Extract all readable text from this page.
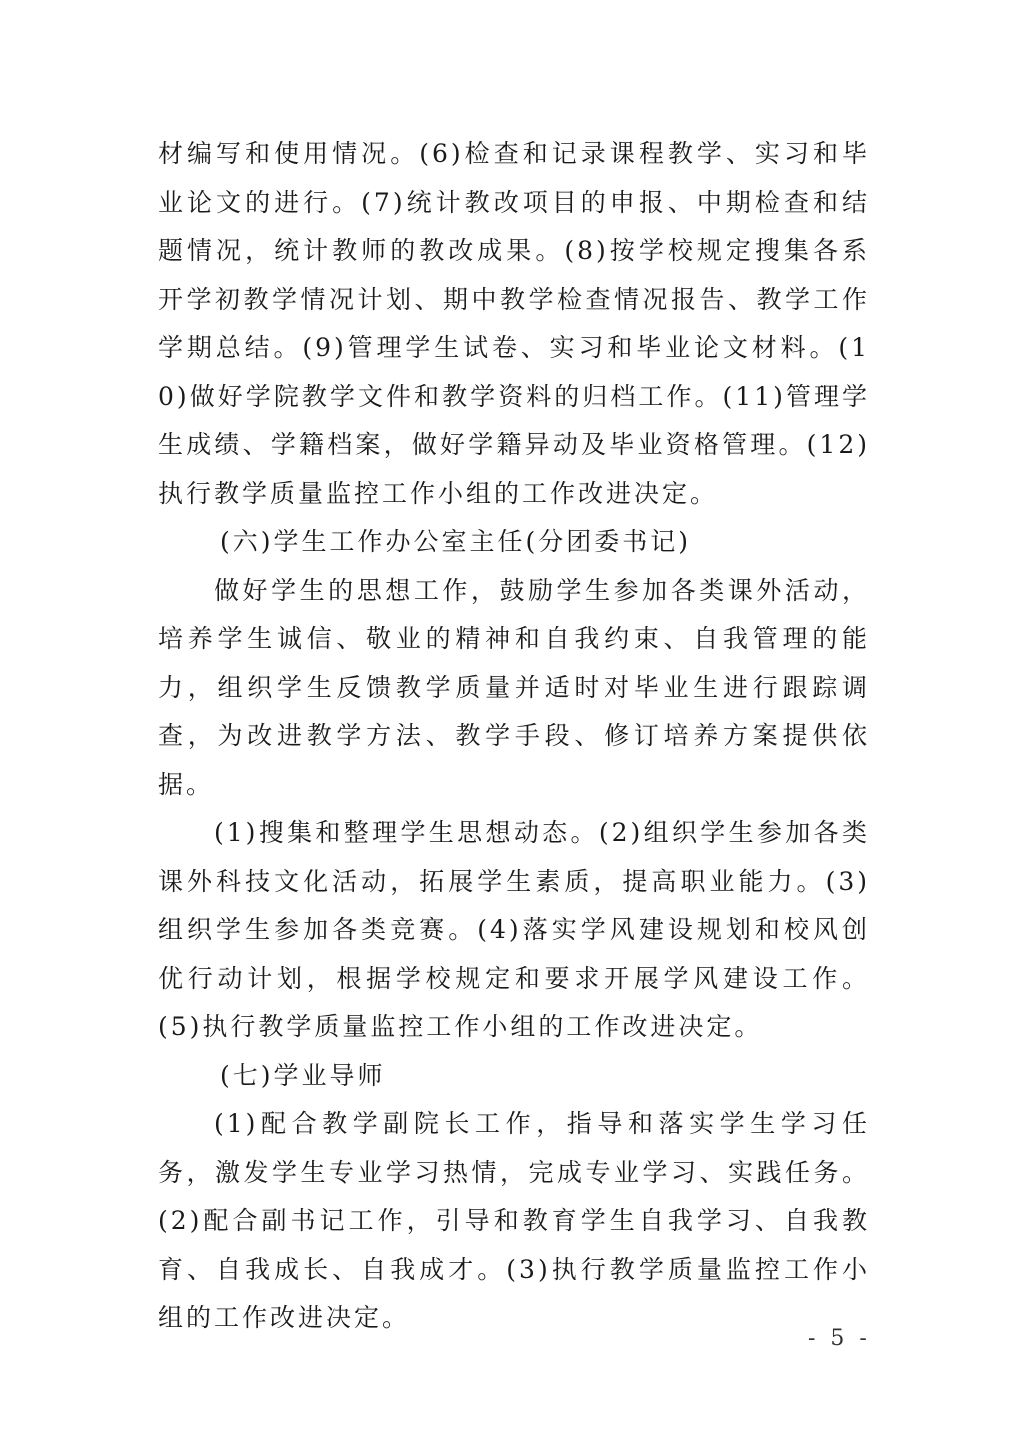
材编写和使用情况。(6)检查和记录课程教学、实习和毕业论文的进行。(7)统计教改项目的申报、中期检查和结题情况，统计教师的教改成果。(8)按学校规定搜集各系开学初教学情况计划、期中教学检查情况报告、教学工作学期总结。(9)管理学生试卷、实习和毕业论文材料。(10)做好学院教学文件和教学资料的归档工作。(11)管理学生成绩、学籍档案，做好学籍异动及毕业资格管理。(12)执行教学质量监控工作小组的工作改进决定。

(六)学生工作办公室主任(分团委书记)

做好学生的思想工作，鼓励学生参加各类课外活动，培养学生诚信、敬业的精神和自我约束、自我管理的能力，组织学生反馈教学质量并适时对毕业生进行跟踪调查，为改进教学方法、教学手段、修订培养方案提供依据。

(1)搜集和整理学生思想动态。(2)组织学生参加各类课外科技文化活动，拓展学生素质，提高职业能力。(3)组织学生参加各类竞赛。(4)落实学风建设规划和校风创优行动计划，根据学校规定和要求开展学风建设工作。(5)执行教学质量监控工作小组的工作改进决定。

(七)学业导师

(1)配合教学副院长工作，指导和落实学生学习任务，激发学生专业学习热情，完成专业学习、实践任务。(2)配合副书记工作，引导和教育学生自我学习、自我教育、自我成长、自我成才。(3)执行教学质量监控工作小组的工作改进决定。

- 5 -
